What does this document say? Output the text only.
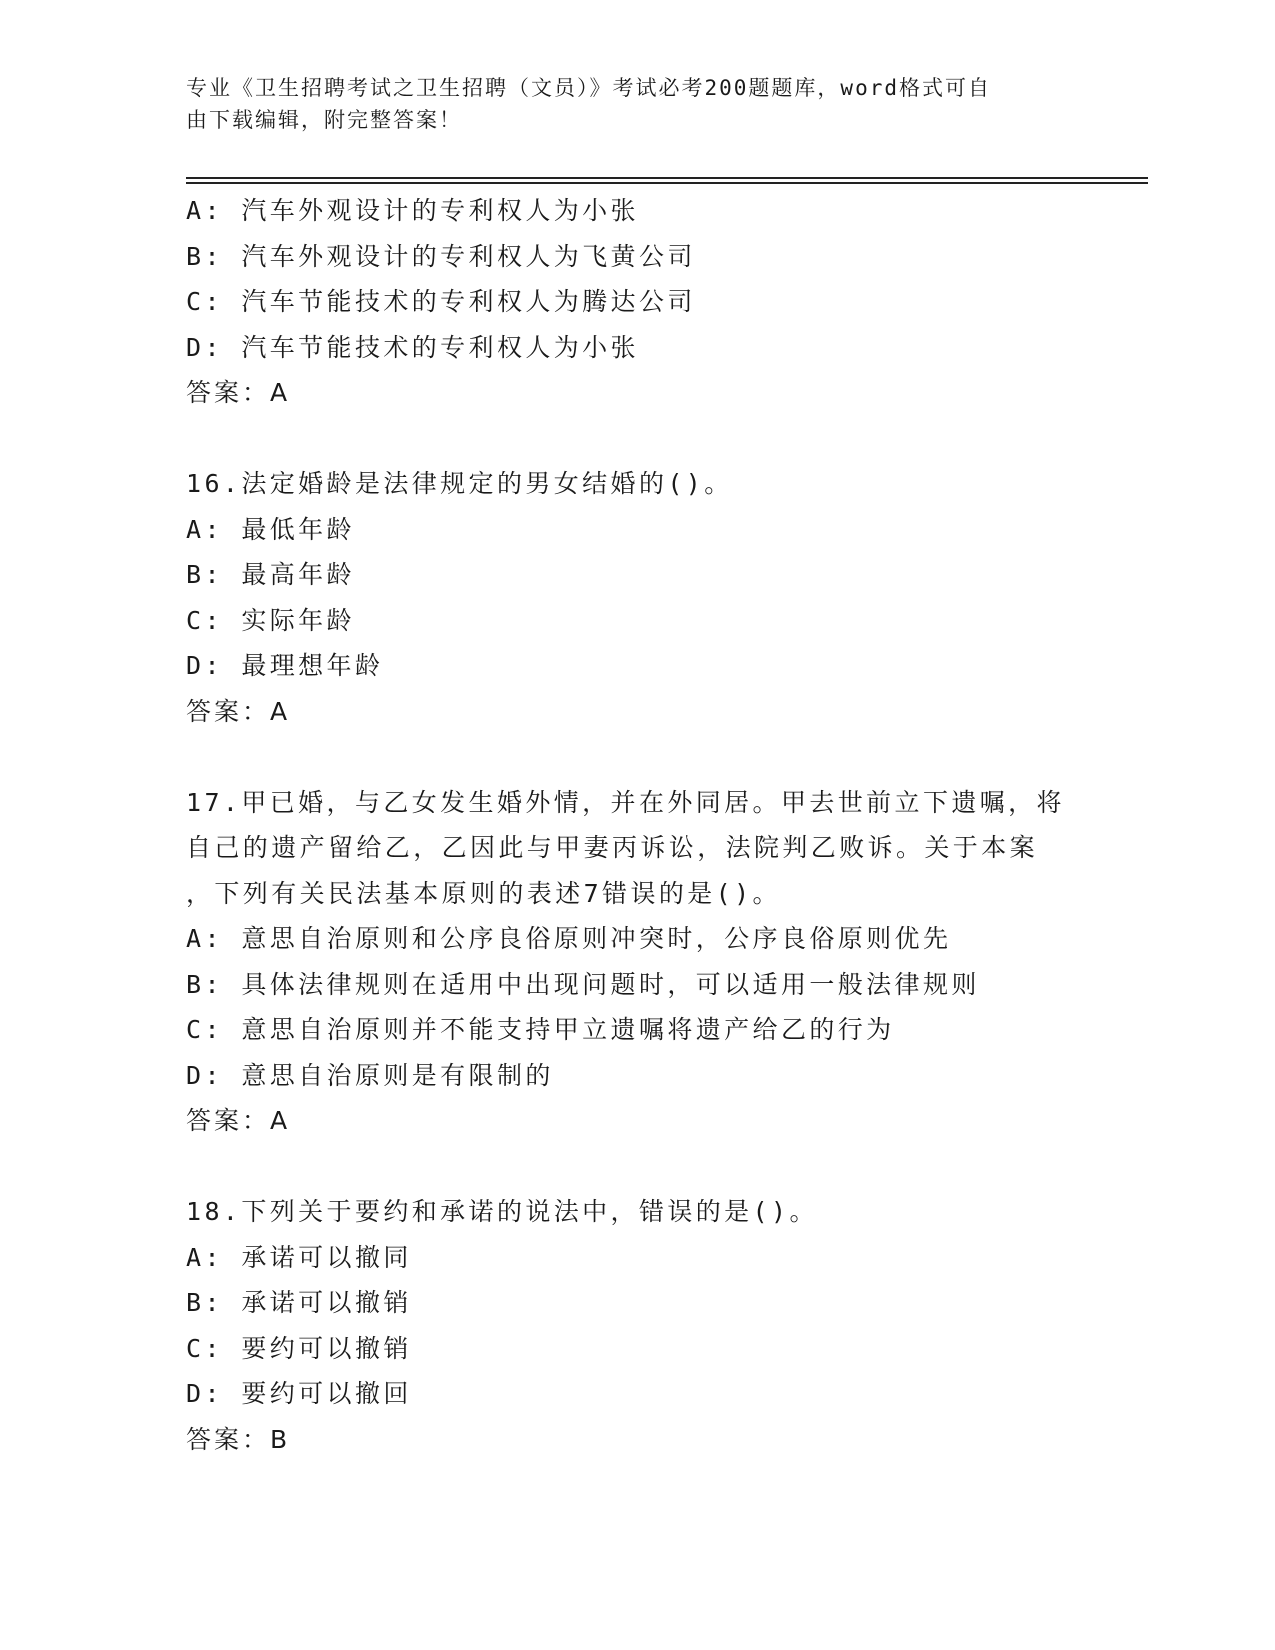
专业《卫生招聘考试之卫生招聘（文员）》考试必考200题题库，word格式可自
由下载编辑，附完整答案！
A: 汽车外观设计的专利权人为小张
B: 汽车外观设计的专利权人为飞黄公司
C: 汽车节能技术的专利权人为腾达公司
D: 汽车节能技术的专利权人为小张
答案：A
16.法定婚龄是法律规定的男女结婚的()。
A: 最低年龄
B: 最高年龄
C: 实际年龄
D: 最理想年龄
答案：A
17.甲已婚，与乙女发生婚外情，并在外同居。甲去世前立下遗嘱，将
自己的遗产留给乙，乙因此与甲妻丙诉讼，法院判乙败诉。关于本案
，下列有关民法基本原则的表述7错误的是()。
A: 意思自治原则和公序良俗原则冲突时，公序良俗原则优先
B: 具体法律规则在适用中出现问题时，可以适用一般法律规则
C: 意思自治原则并不能支持甲立遗嘱将遗产给乙的行为
D: 意思自治原则是有限制的
答案：A
18.下列关于要约和承诺的说法中，错误的是()。
A: 承诺可以撤同
B: 承诺可以撤销
C: 要约可以撤销
D: 要约可以撤回
答案：B
